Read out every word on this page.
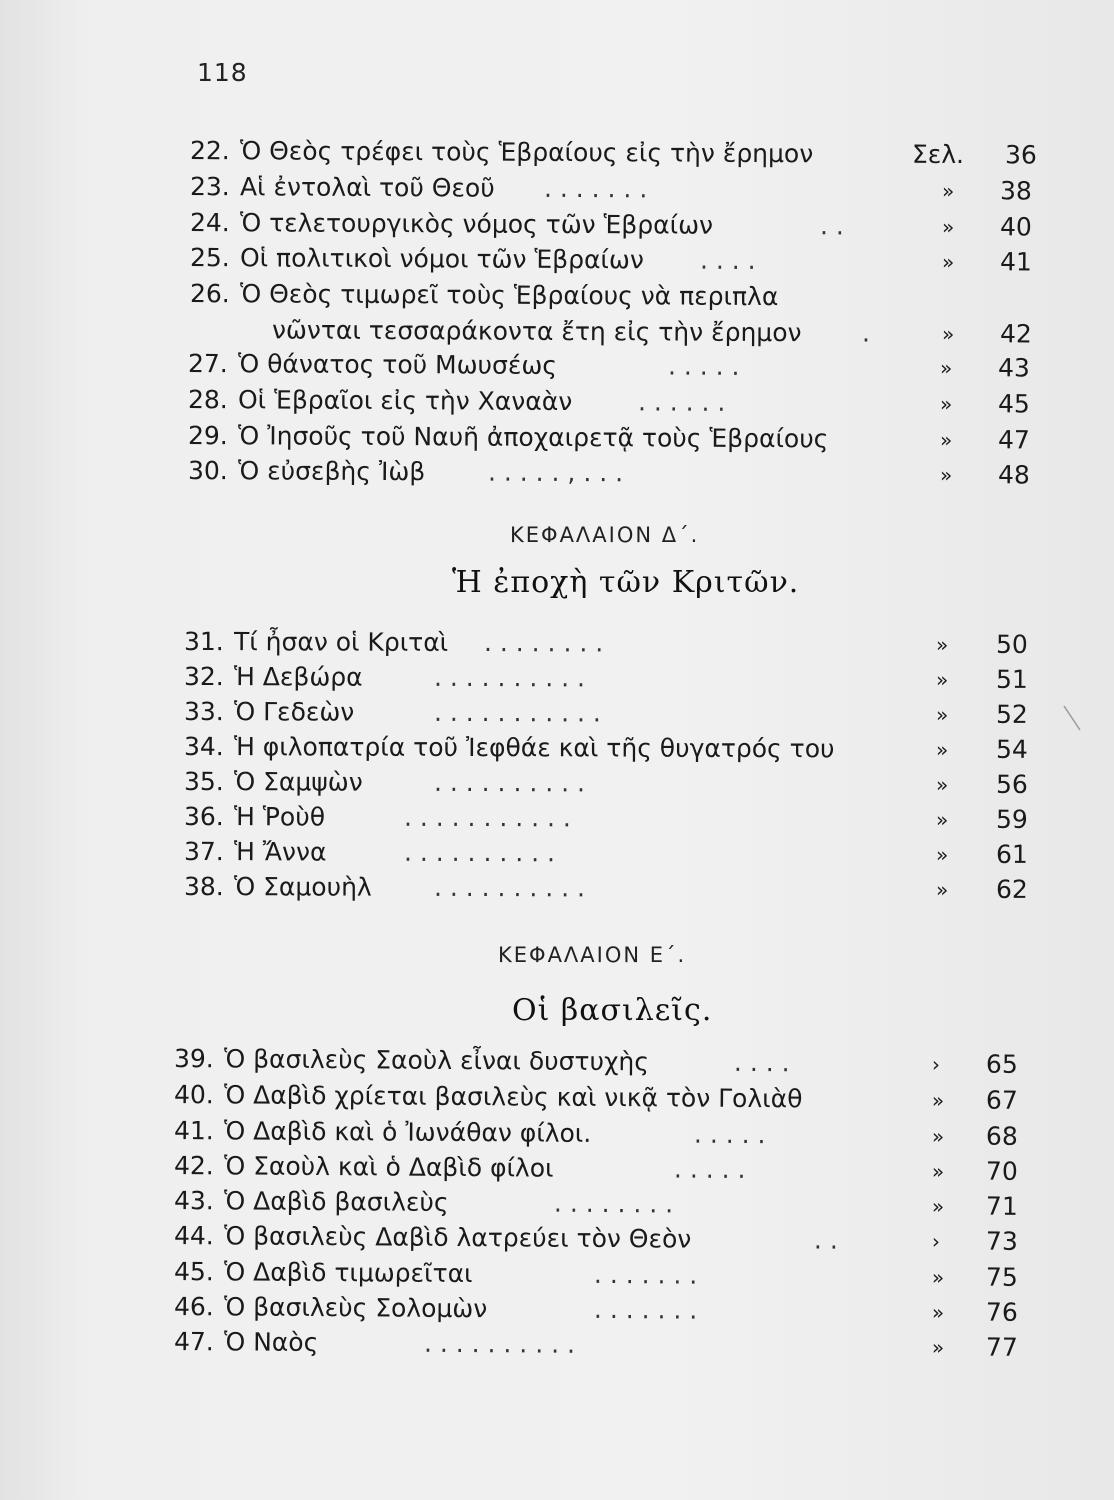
118
22. Ὁ Θεὸς τρέφει τοὺς Ἑβραίους εἰς τὴν ἔρημον	Σελ. 36
23. Αἱ ἐντολαὶ τοῦ Θεοῦ . . . . . . .	» 38
24. Ὁ τελετουργικὸς νόμος τῶν Ἑβραίων	. .	» 40
25. Οἱ πολιτικοὶ νόμοι τῶν Ἑβραίων . . . .	» 41
26. Ὁ Θεὸς τιμωρεῖ τοὺς Ἑβραίους νὰ περιπλα
νῶνται τεσσαράκοντα ἔτη εἰς τὴν ἔρημον .	» 42
27. Ὁ θάνατος τοῦ Μωυσέως	. . . . .	» 43
28. Οἱ Ἑβραῖοι εἰς τὴν Χαναὰν	. . . . . .	» 45
29. Ὁ Ἰησοῦς τοῦ Ναυῆ ἀποχαιρετᾷ τοὺς Ἑβραίους	» 47
30. Ὁ εὐσεβὴς Ἰὼβ	. . . . . , . . .	» 48
ΚΕΦΑΛΑΙΟΝ Δ΄.
Ἡ ἐποχὴ τῶν Κριτῶν.
31. Τί ἦσαν οἱ Κριταὶ . . . . . . . .	» 50
32. Ἡ Δεβώρα	. . . . . . . . . .	» 51
33. Ὁ Γεδεὼν	. . . . . . . . . . .	» 52
34. Ἡ φιλοπατρία τοῦ Ἰεφθάε καὶ τῆς θυγατρός του	» 54
35. Ὁ Σαμψὼν	. . . . . . . . . .	» 56
36. Ἡ Ῥοὺθ	. . . . . . . . . . .	» 59
37. Ἡ Ἄννα	. . . . . . . . . .	» 61
38. Ὁ Σαμουὴλ . . . . . . . . . .	» 62
ΚΕΦΑΛΑΙΟΝ Ε΄.
Οἱ βασιλεῖς.
39. Ὁ βασιλεὺς Σαοὺλ εἶναι δυστυχὴς	. . . .	› 65
40. Ὁ Δαβὶδ χρίεται βασιλεὺς καὶ νικᾷ τὸν Γολιὰθ	» 67
41. Ὁ Δαβὶδ καὶ ὁ Ἰωνάθαν φίλοι.	. . . . .	» 68
42. Ὁ Σαοὺλ καὶ ὁ Δαβὶδ φίλοι	. . . . .	» 70
43. Ὁ Δαβὶδ βασιλεὺς	. . . . . . . .	» 71
44. Ὁ βασιλεὺς Δαβὶδ λατρεύει τὸν Θεὸν	. .	› 73
45. Ὁ Δαβὶδ τιμωρεῖται	. . . . . . .	» 75
46. Ὁ βασιλεὺς Σολομὼν	. . . . . . .	» 76
47. Ὁ Ναὸς	. . . . . . . . . .	» 77
